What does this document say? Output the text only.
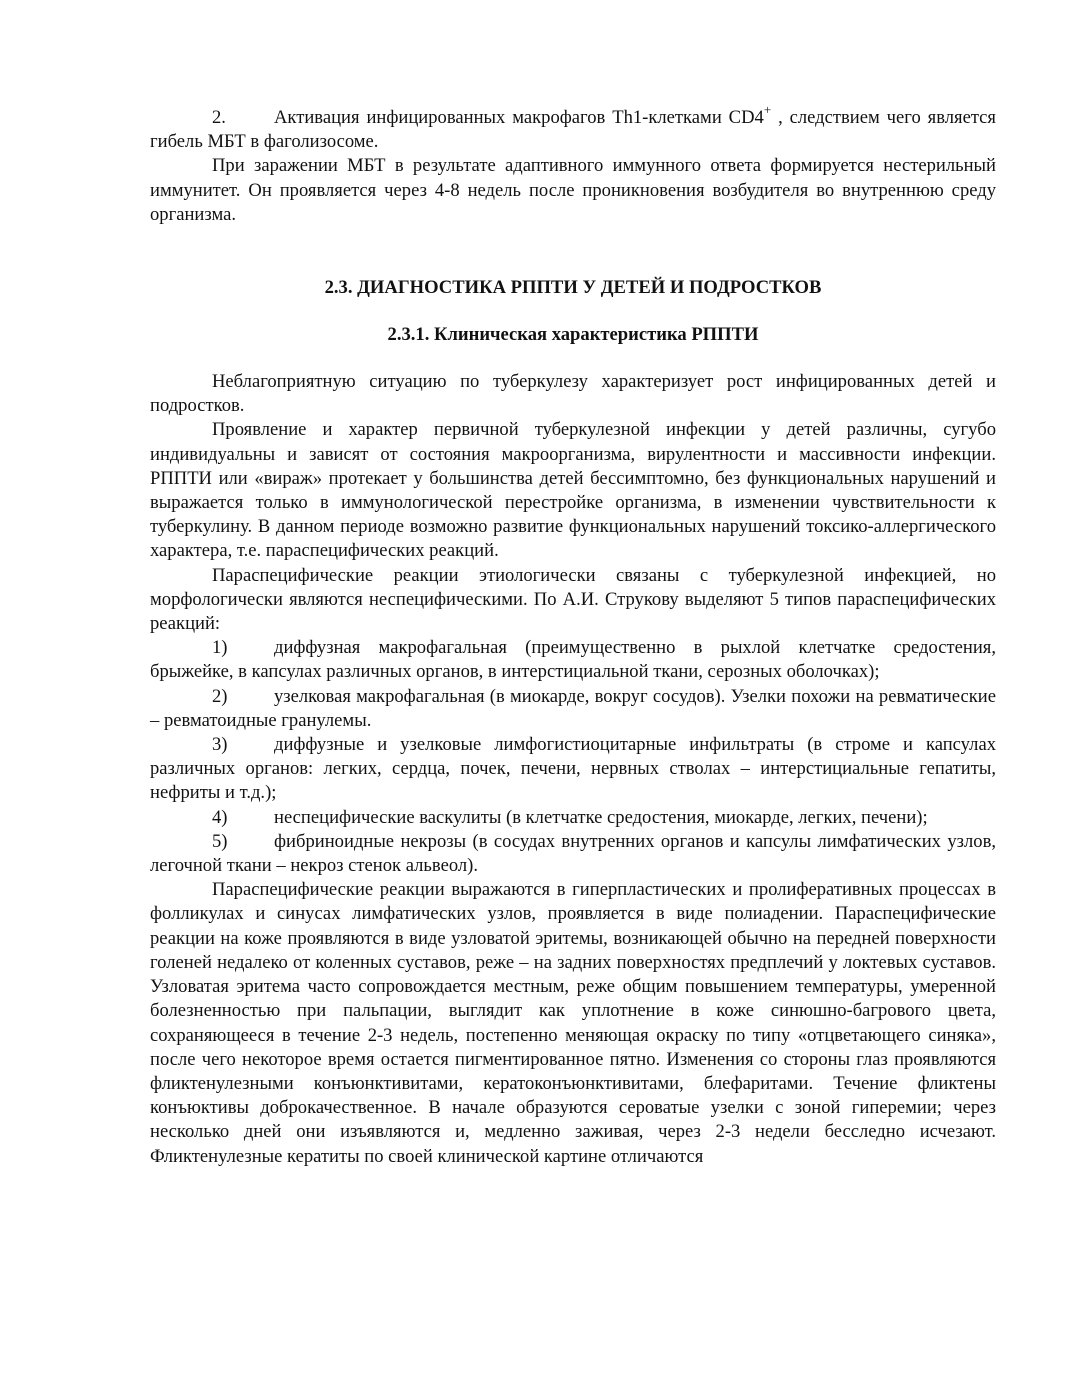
2.	Активация инфицированных макрофагов Th1-клетками CD4+ , следствием чего является гибель МБТ в фаголизосоме.

При заражении МБТ в результате адаптивного иммунного ответа формируется нестерильный иммунитет. Он проявляется через 4-8 недель после проникновения возбудителя во внутреннюю среду организма.

2.3. ДИАГНОСТИКА РППТИ У ДЕТЕЙ И ПОДРОСТКОВ
2.3.1. Клиническая характеристика РППТИ

Неблагоприятную ситуацию по туберкулезу характеризует рост инфицированных детей и подростков.

Проявление и характер первичной туберкулезной инфекции у детей различны, сугубо индивидуальны и зависят от состояния макроорганизма, вирулентности и массивности инфекции. РППТИ или «вираж» протекает у большинства детей бессимптомно, без функциональных нарушений и выражается только в иммунологической перестройке организма, в изменении чувствительности к туберкулину. В данном периоде возможно развитие функциональных нарушений токсико-аллергического характера, т.е. параспецифических реакций.

Параспецифические реакции этиологически связаны с туберкулезной инфекцией, но морфологически являются неспецифическими. По А.И. Струкову выделяют 5 типов параспецифических реакций:

1)	диффузная макрофагальная (преимущественно в рыхлой клетчатке средостения, брыжейке, в капсулах различных органов, в интерстициальной ткани, серозных оболочках);

2)	узелковая макрофагальная (в миокарде, вокруг сосудов). Узелки похожи на ревматические – ревматоидные гранулемы.

3)	диффузные и узелковые лимфогистиоцитарные инфильтраты (в строме и капсулах различных органов: легких, сердца, почек, печени, нервных стволах – интерстициальные гепатиты, нефриты и т.д.);

4)	неспецифические васкулиты (в клетчатке средостения, миокарде, легких, печени);

5)	фибриноидные некрозы (в сосудах внутренних органов и капсулы лимфатических узлов, легочной ткани – некроз стенок альвеол).

Параспецифические реакции выражаются в гиперпластических и пролиферативных процессах в фолликулах и синусах лимфатических узлов, проявляется в виде полиадении. Параспецифические реакции на коже проявляются в виде узловатой эритемы, возникающей обычно на передней поверхности голеней недалеко от коленных суставов, реже – на задних поверхностях предплечий у локтевых суставов. Узловатая эритема часто сопровождается местным, реже общим повышением температуры, умеренной болезненностью при пальпации, выглядит как уплотнение в коже синюшно-багрового цвета, сохраняющееся в течение 2-3 недель, постепенно меняющая окраску по типу «отцветающего синяка», после чего некоторое время остается пигментированное пятно. Изменения со стороны глаз проявляются фликтенулезными конъюнктивитами, кератоконъюнктивитами, блефаритами. Течение фликтены конъюктивы доброкачественное. В начале образуются сероватые узелки с зоной гиперемии; через несколько дней они изъявляются и, медленно заживая, через 2-3 недели бесследно исчезают. Фликтенулезные кератиты по своей клинической картине отличаются
